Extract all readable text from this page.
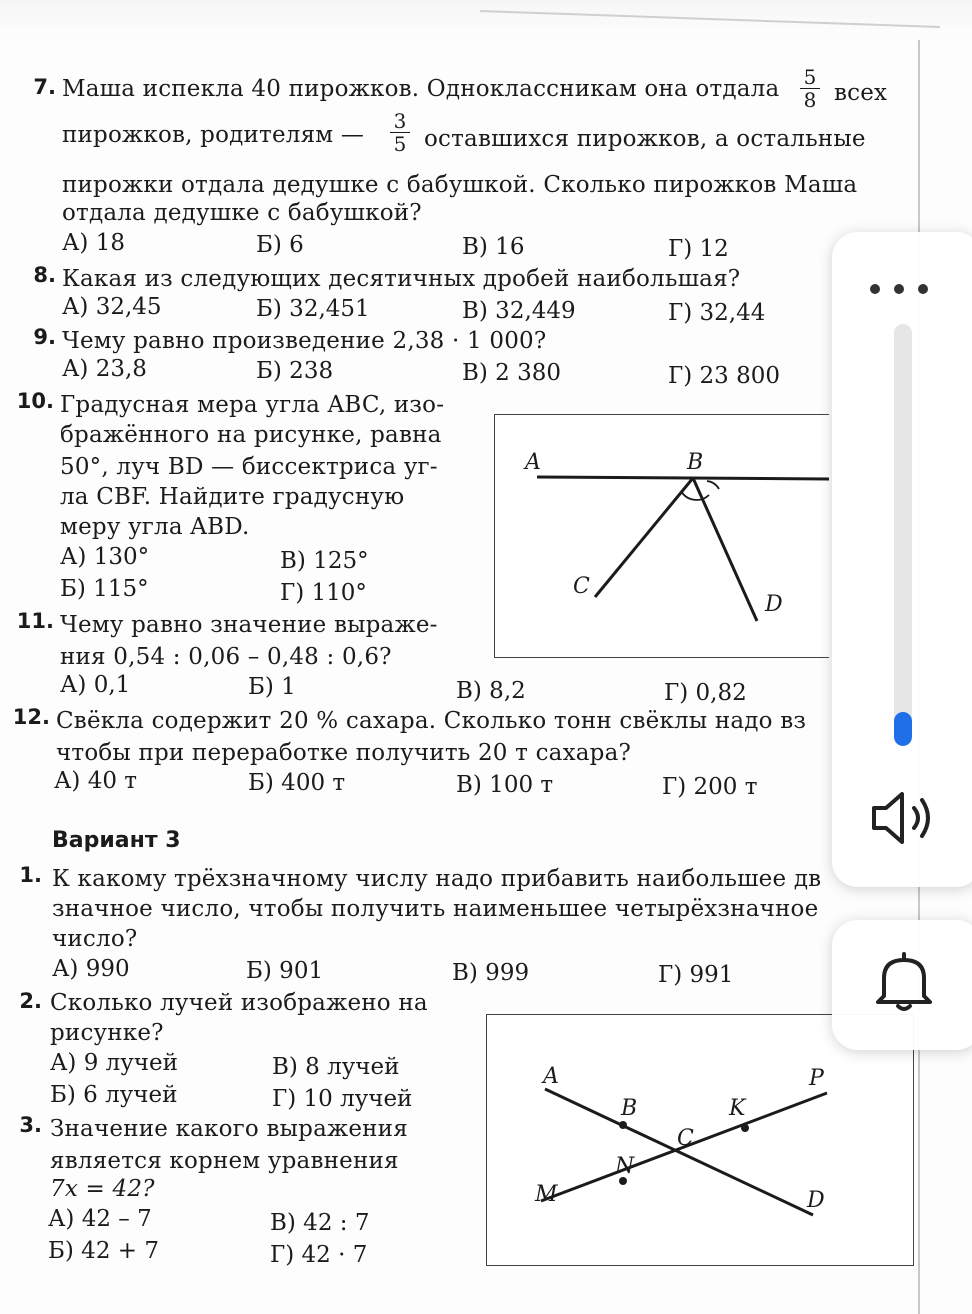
7. Маша испекла 40 пирожков. Одноклассникам она отдала $\frac{5}{8}$ всех
пирожков, родителям — $\frac{3}{5}$ оставшихся пирожков, а остальные
пирожки отдала дедушке с бабушкой. Сколько пирожков Маша
отдала дедушке с бабушкой?
А) 18	Б) 6	В) 16	Г) 12
8. Какая из следующих десятичных дробей наибольшая?
А) 32,45	Б) 32,451	В) 32,449	Г) 32,44
9. Чему равно произведение 2,38 · 1 000?
А) 23,8	Б) 238	В) 2 380	Г) 23 800
10. Градусная мера угла ABC, изо-
бражённого на рисунке, равна
50°, луч BD — биссектриса уг-
ла CBF. Найдите градусную
меру угла ABD.
А) 130°	В) 125°
Б) 115°	Г) 110°
A	B
C
D
11. Чему равно значение выраже-
ния 0,54 : 0,06 – 0,48 : 0,6?
А) 0,1	Б) 1	В) 8,2	Г) 0,82
12. Свёкла содержит 20 % сахара. Сколько тонн свёклы надо вз
чтобы при переработке получить 20 т сахара?
А) 40 т	Б) 400 т	В) 100 т	Г) 200 т
Вариант 3
1. К какому трёхзначному числу надо прибавить наибольшее дв
значное число, чтобы получить наименьшее четырёхзначное
число?
А) 990	Б) 901	В) 999	Г) 991
2. Сколько лучей изображено на
рисунке?
А) 9 лучей	В) 8 лучей
Б) 6 лучей	Г) 10 лучей
A	P
B	K
C
N
M	D
3. Значение какого выражения
является корнем уравнения
7x = 42?
А) 42 – 7	В) 42 : 7
Б) 42 + 7	Г) 42 · 7
